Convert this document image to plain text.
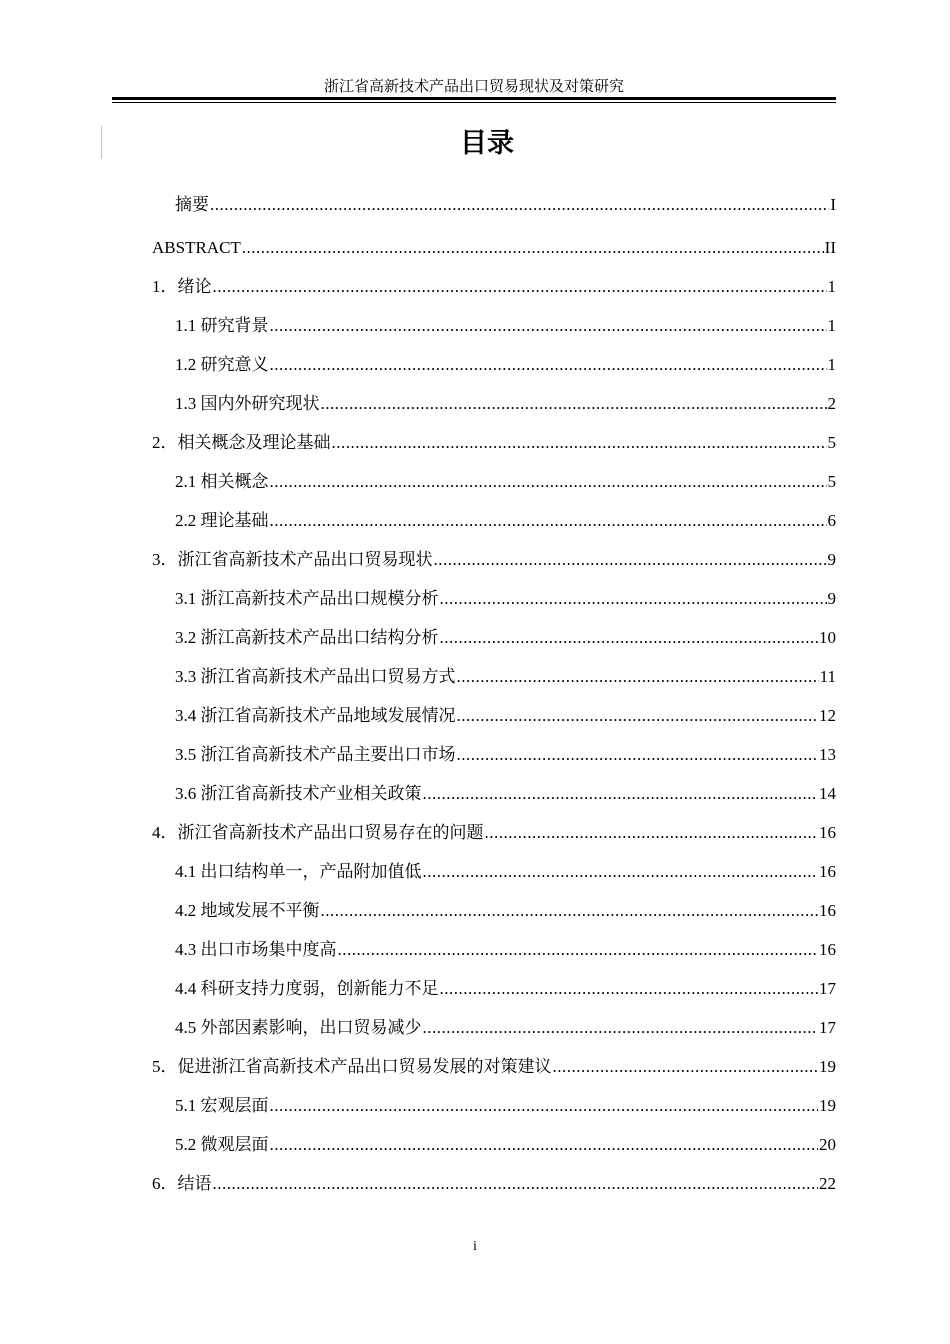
浙江省高新技术产品出口贸易现状及对策研究
目录
摘要 .....	I
ABSTRACT .....	II
1．绪论 .....	1
1.1 研究背景 .....	1
1.2 研究意义 .....	1
1.3 国内外研究现状 .....	2
2．相关概念及理论基础 .....	5
2.1 相关概念 .....	5
2.2 理论基础 .....	6
3．浙江省高新技术产品出口贸易现状 .....	9
3.1 浙江高新技术产品出口规模分析 .....	9
3.2 浙江高新技术产品出口结构分析 .....	10
3.3 浙江省高新技术产品出口贸易方式 .....	11
3.4 浙江省高新技术产品地域发展情况 .....	12
3.5 浙江省高新技术产品主要出口市场 .....	13
3.6 浙江省高新技术产业相关政策 .....	14
4．浙江省高新技术产品出口贸易存在的问题 .....	16
4.1 出口结构单一，产品附加值低 .....	16
4.2 地域发展不平衡 .....	16
4.3 出口市场集中度高 .....	16
4.4 科研支持力度弱，创新能力不足 .....	17
4.5 外部因素影响，出口贸易减少 .....	17
5．促进浙江省高新技术产品出口贸易发展的对策建议 .....	19
5.1 宏观层面 .....	19
5.2 微观层面 .....	20
6．结语 .....	22
i
